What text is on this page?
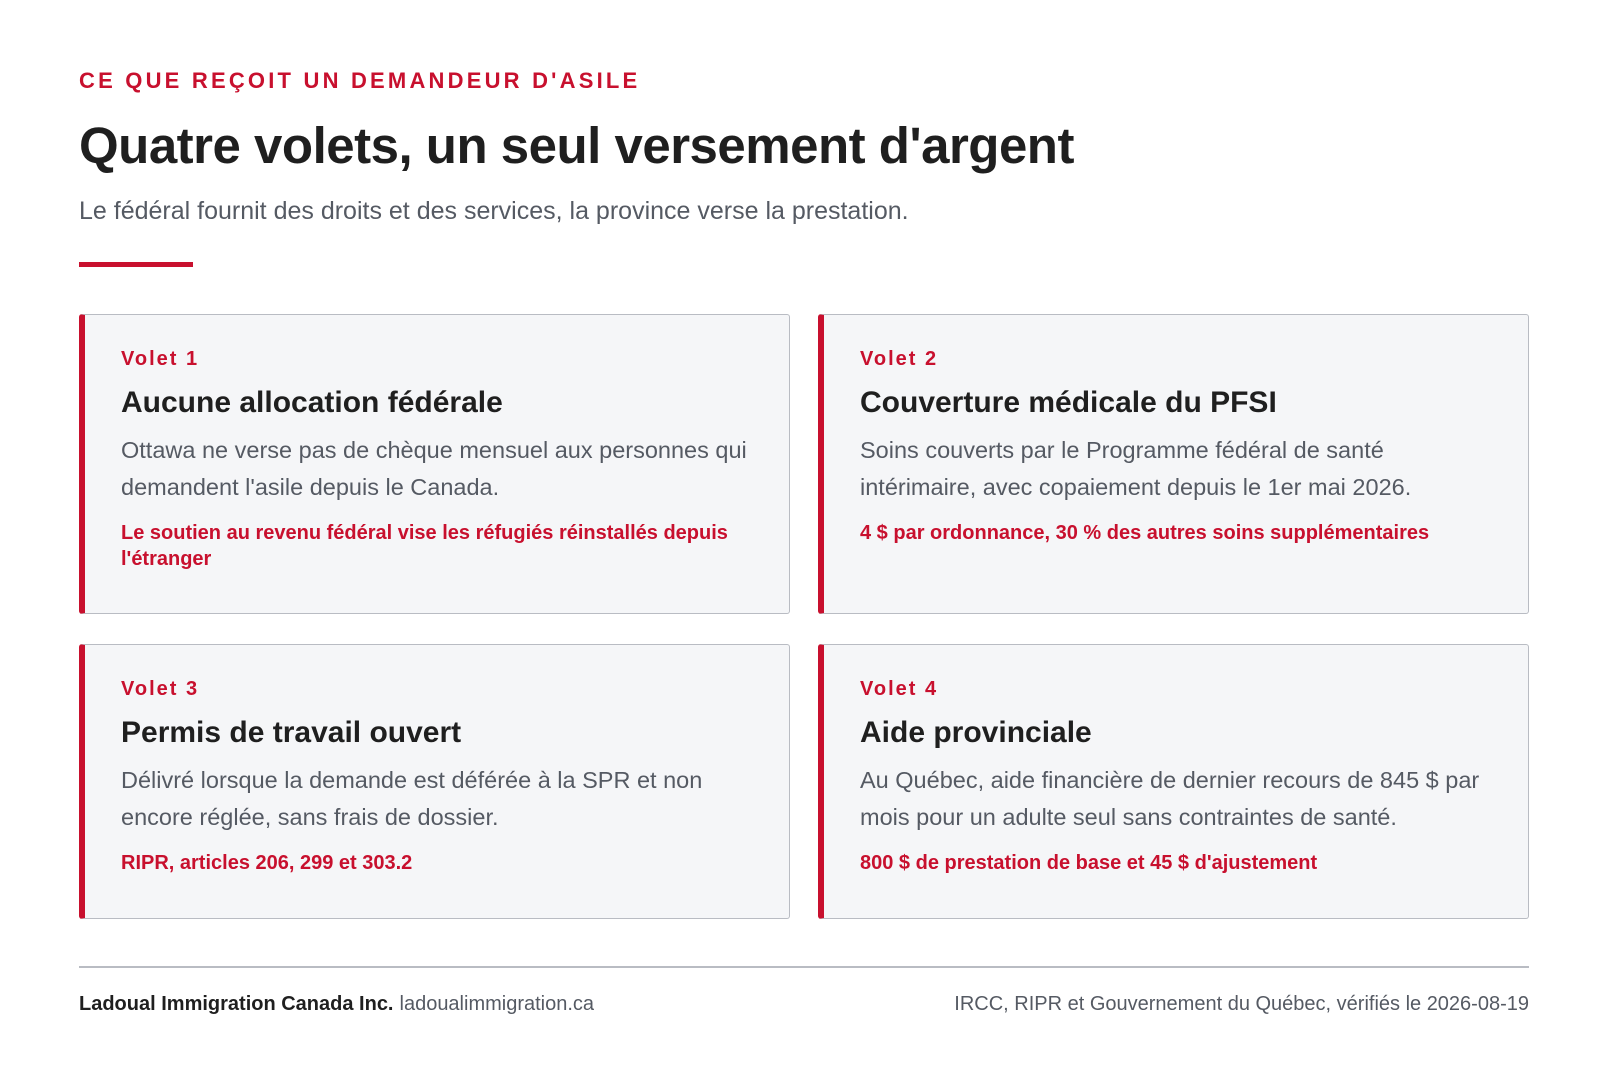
CE QUE REÇOIT UN DEMANDEUR D'ASILE
Quatre volets, un seul versement d'argent

Le fédéral fournit des droits et des services, la province verse la prestation.

Volet 1
Aucune allocation fédérale
Ottawa ne verse pas de chèque mensuel aux personnes qui demandent l'asile depuis le Canada.
Le soutien au revenu fédéral vise les réfugiés réinstallés depuis l'étranger
Volet 2
Couverture médicale du PFSI
Soins couverts par le Programme fédéral de santé intérimaire, avec copaiement depuis le 1er mai 2026.
4 $ par ordonnance, 30 % des autres soins supplémentaires
Volet 3
Permis de travail ouvert
Délivré lorsque la demande est déférée à la SPR et non encore réglée, sans frais de dossier.
RIPR, articles 206, 299 et 303.2
Volet 4
Aide provinciale
Au Québec, aide financière de dernier recours de 845 $ par mois pour un adulte seul sans contraintes de santé.
800 $ de prestation de base et 45 $ d'ajustement
Ladoual Immigration Canada Inc. ladoualimmigration.ca	IRCC, RIPR et Gouvernement du Québec, vérifiés le 2026-08-19
